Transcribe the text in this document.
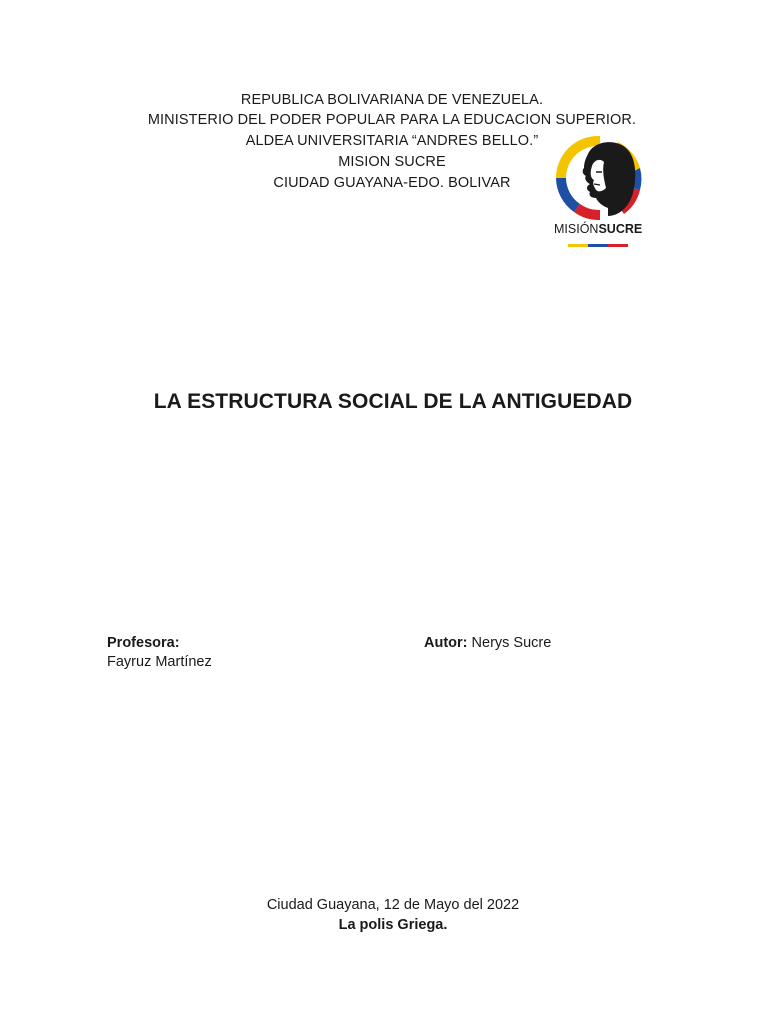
REPUBLICA BOLIVARIANA DE VENEZUELA.
MINISTERIO DEL PODER POPULAR PARA LA EDUCACION SUPERIOR.
ALDEA UNIVERSITARIA “ANDRES BELLO.”
MISION SUCRE
CIUDAD GUAYANA-EDO. BOLIVAR
MISIÓNSUCRE
LA ESTRUCTURA SOCIAL DE LA ANTIGUEDAD
Profesora:
Fayruz Martínez
Autor: Nerys Sucre
Ciudad Guayana, 12 de Mayo del 2022
La polis Griega.
